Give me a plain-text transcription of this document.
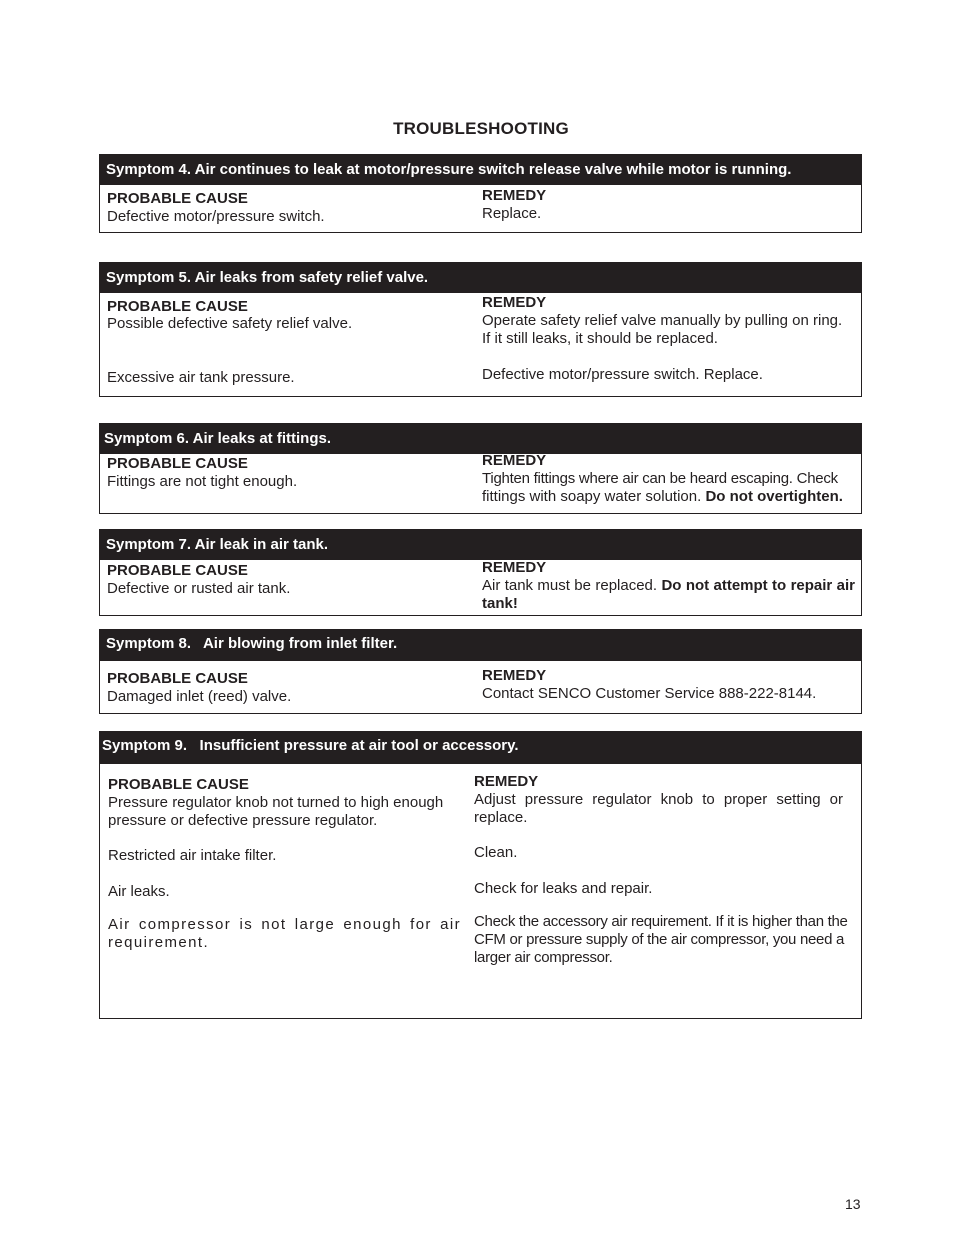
TROUBLESHOOTING
Symptom 4. Air continues to leak at motor/pressure switch release valve while motor is running.
PROBABLE CAUSE
Defective motor/pressure switch.
REMEDY
Replace.
Symptom 5. Air leaks from safety relief valve.
PROBABLE CAUSE
Possible defective safety relief valve.
Excessive air tank pressure.
REMEDY
Operate safety relief valve manually by pulling on ring.
If it still leaks, it should be replaced.
Defective motor/pressure switch. Replace.
Symptom 6. Air leaks at fittings.
PROBABLE CAUSE
Fittings are not tight enough.
REMEDY
Tighten fittings where air can be heard escaping. Check
fittings with soapy water solution. Do not overtighten.
Symptom 7. Air leak in air tank.
PROBABLE CAUSE
Defective or rusted air tank.
REMEDY
Air tank must be replaced. Do not attempt to repair air tank!
Symptom 8.   Air blowing from inlet filter.
PROBABLE CAUSE
Damaged inlet (reed) valve.
REMEDY
Contact SENCO Customer Service 888-222-8144.
Symptom 9.   Insufficient pressure at air tool or accessory.
PROBABLE CAUSE
Pressure regulator knob not turned to high enough pressure or defective pressure regulator.
Restricted air intake filter.
Air leaks.
Air compressor is not large enough for air requirement.
REMEDY
Adjust pressure regulator knob to proper setting or replace.
Clean.
Check for leaks and repair.
Check the accessory air requirement. If it is higher than the CFM or pressure supply of the air compressor, you need a larger air compressor.
13
